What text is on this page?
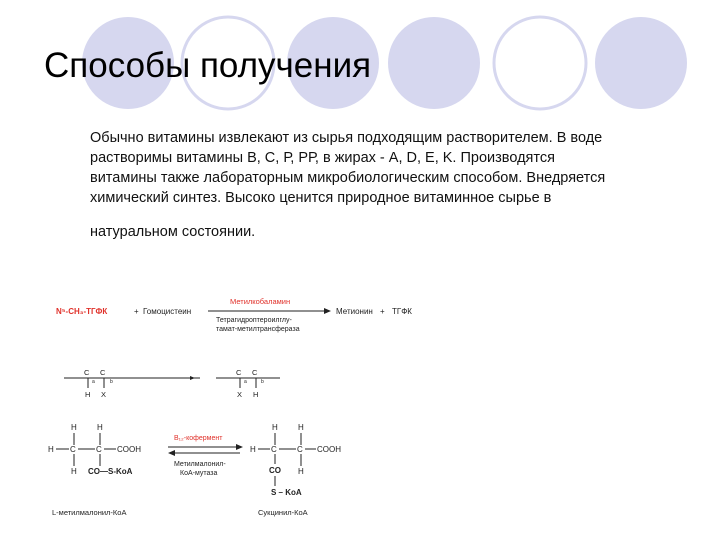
Способы получения
Обычно витамины извлекают из сырья подходящим растворителем. В воде
растворимы витамины В, С, Р, РР, в жирах - А, D, E, K. Производятся
витамины также лабораторным микробиологическим способом. Внедряется
химический синтез. Высоко ценится природное витаминное сырье в
натуральном состоянии.
N⁵-CH₃-ТГФК	+ Гомоцистеин
Метилкобаламин
Тетрагидроптероилглу-
тамат-метилтрансфераза
Метионин + ТГФК
C C
a	b
H X
C C
a	b
X H
H	H
H C	C COOH
H CO—S-KoA
B₁₂-кофермент
Метилмалонил-
КоА-мутаза
H	H
H C	C COOH
CO H
S – KoA
L-метилмалонил-КоА	Сукцинил-КоА
